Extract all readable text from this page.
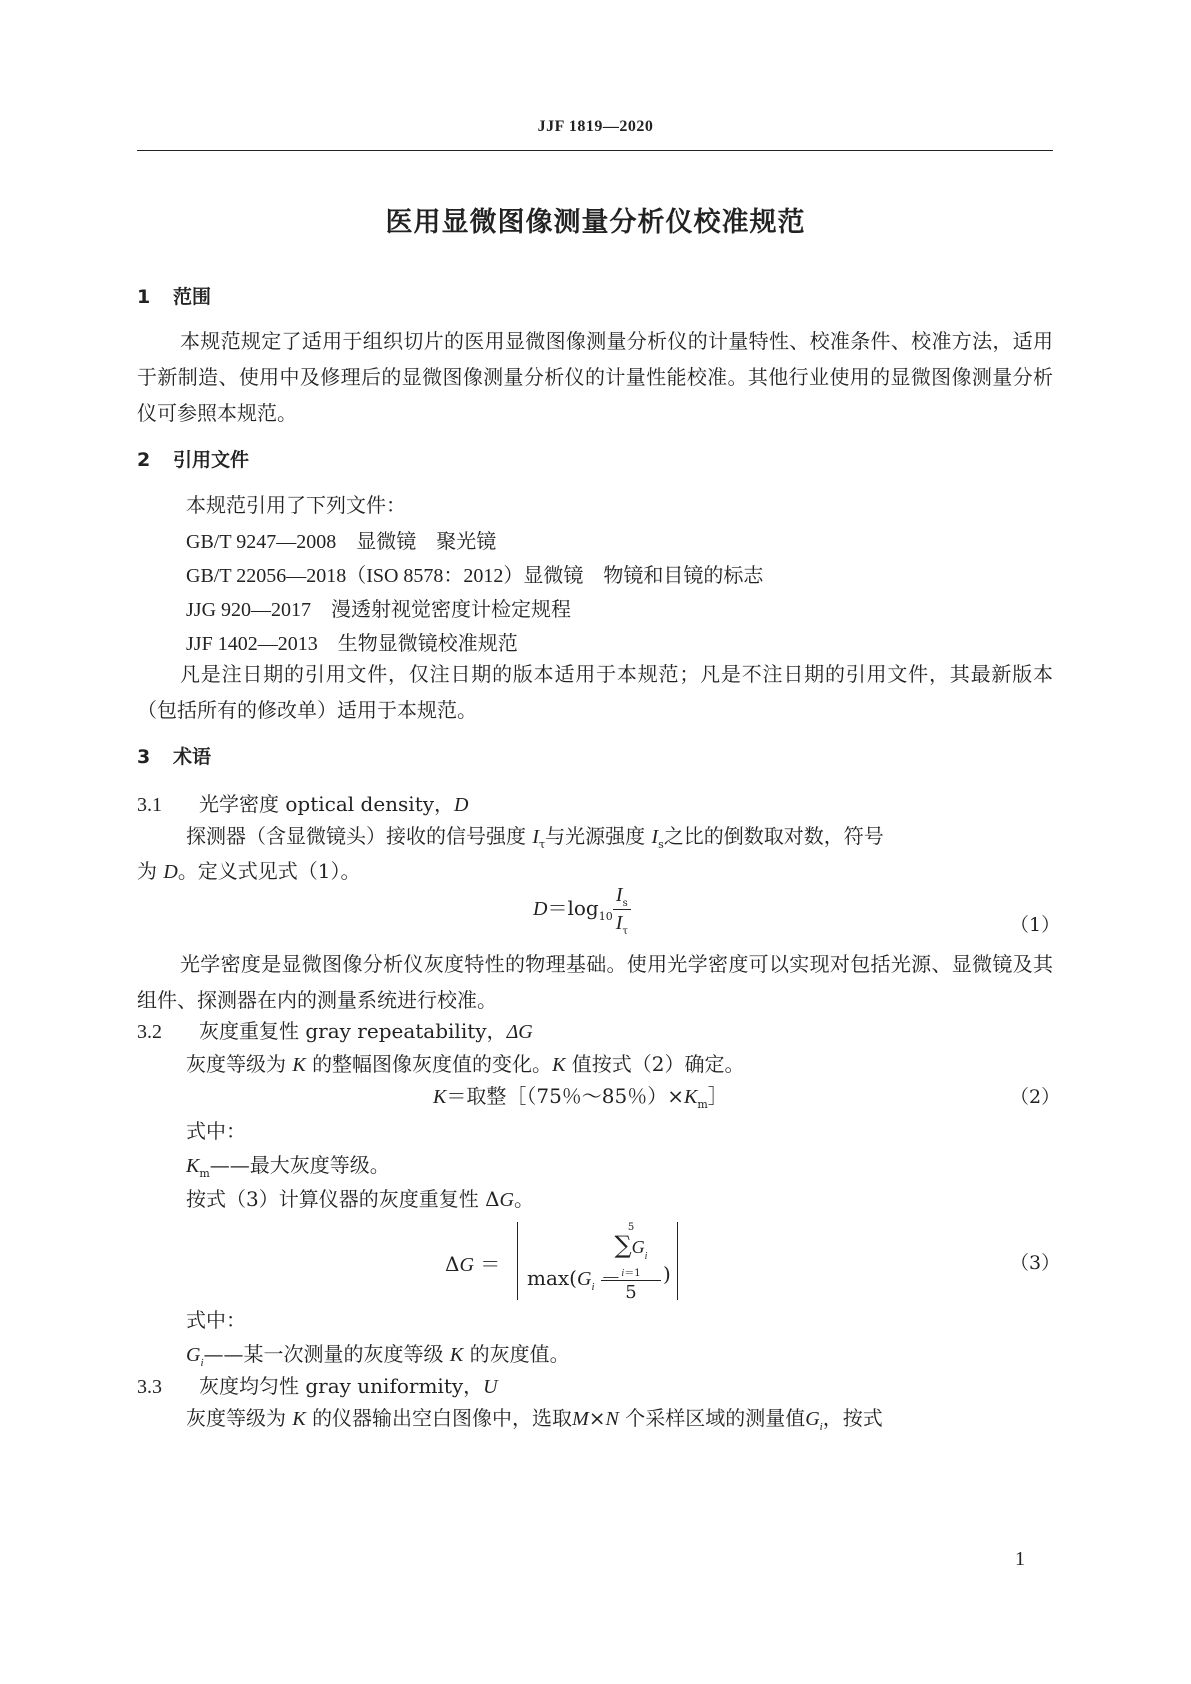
JJF 1819—2020
医用显微图像测量分析仪校准规范
1 范围
本规范规定了适用于组织切片的医用显微图像测量分析仪的计量特性、校准条件、校准方法，适用于新制造、使用中及修理后的显微图像测量分析仪的计量性能校准。其他行业使用的显微图像测量分析仪可参照本规范。
2 引用文件
本规范引用了下列文件：
GB/T 9247—2008　 显微镜　聚光镜
GB/T 22056—2018（ISO 8578：2012）显微镜　物镜和目镜的标志
JJG 920—2017　 漫透射视觉密度计检定规程
JJF 1402—2013　 生物显微镜校准规范
凡是注日期的引用文件，仅注日期的版本适用于本规范；凡是不注日期的引用文件，其最新版本（包括所有的修改单）适用于本规范。
3 术语
3.1 光学密度 optical density，D
探测器（含显微镜头）接收的信号强度 $I_\tau$与光源强度 $I_s$之比的倒数取对数，符号
为 D。定义式见式（1）。
$D=\log_{10} \frac{I_s}{I_\tau}$	（1）
光学密度是显微图像分析仪灰度特性的物理基础。使用光学密度可以实现对包括光源、显微镜及其组件、探测器在内的测量系统进行校准。
3.2 灰度重复性 gray repeatability，ΔG
灰度等级为 K 的整幅图像灰度值的变化。K 值按式（2）确定。
K＝取整［（75％～85％）$\times K_m]$	（2）
式中：
$K_m——$最大灰度等级。
按式（3）计算仪器的灰度重复性 ΔG。
ΔG ＝
$\max(G_i$ －
5
$\sum G_i$
i＝1
5
)	（3）
式中：
$G_i——$某一次测量的灰度等级 K 的灰度值。
3.3 灰度均匀性 gray uniformity，U
灰度等级为 K 的仪器输出空白图像中，选取M×N 个采样区域的测量值$G_i$，按式
1
